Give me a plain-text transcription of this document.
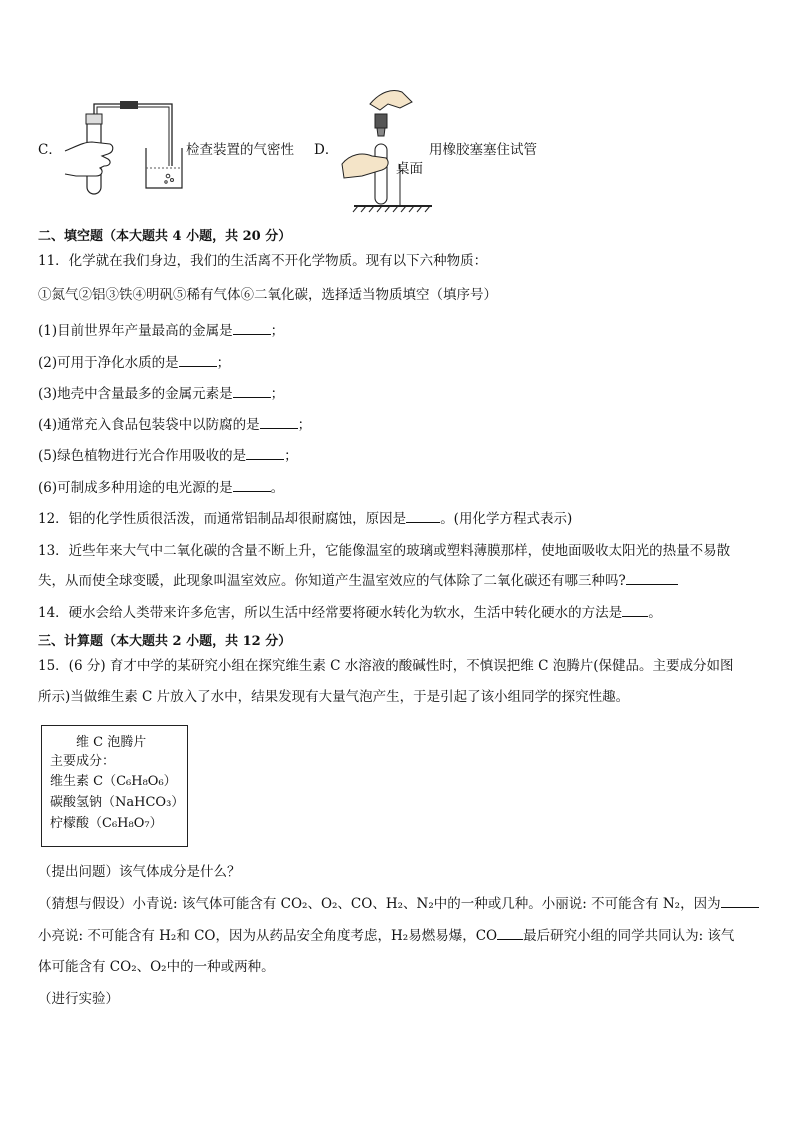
C．	检查装置的气密性 D．	用橡胶塞塞住试管
桌面
二、填空题（本大题共 4 小题，共 20 分）
11．化学就在我们身边，我们的生活离不开化学物质。现有以下六种物质：
①氮气②铝③铁④明矾⑤稀有气体⑥二氧化碳，选择适当物质填空（填序号）
(1)目前世界年产量最高的金属是	；
(2)可用于净化水质的是	；
(3)地壳中含量最多的金属元素是	；
(4)通常充入食品包装袋中以防腐的是	；
(5)绿色植物进行光合作用吸收的是	；
(6)可制成多种用途的电光源的是	。
12．铝的化学性质很活泼，而通常铝制品却很耐腐蚀，原因是	。(用化学方程式表示)
13．近些年来大气中二氧化碳的含量不断上升，它能像温室的玻璃或塑料薄膜那样，使地面吸收太阳光的热量不易散
失，从而使全球变暖，此现象叫温室效应。你知道产生温室效应的气体除了二氧化碳还有哪三种吗?
14．硬水会给人类带来许多危害，所以生活中经常要将硬水转化为软水，生活中转化硬水的方法是 。
三、计算题（本大题共 2 小题，共 12 分）
15．(6 分) 育才中学的某研究小组在探究维生素 C 水溶液的酸碱性时，不慎误把维 C 泡腾片(保健品。主要成分如图
所示)当做维生素 C 片放入了水中，结果发现有大量气泡产生，于是引起了该小组同学的探究性趣。
维 C 泡腾片
主要成分：
维生素 C（C₆H₈O₆）
碳酸氢钠（NaHCO₃）
柠檬酸（C₆H₈O₇）
（提出问题）该气体成分是什么？
（猜想与假设）小青说: 该气体可能含有 CO₂、O₂、CO、H₂、N₂中的一种或几种。小丽说: 不可能含有 N₂，因为
小亮说: 不可能含有 H₂和 CO，因为从药品安全角度考虑，H₂易燃易爆，CO 最后研究小组的同学共同认为: 该气
体可能含有 CO₂、O₂中的一种或两种。
（进行实验）
